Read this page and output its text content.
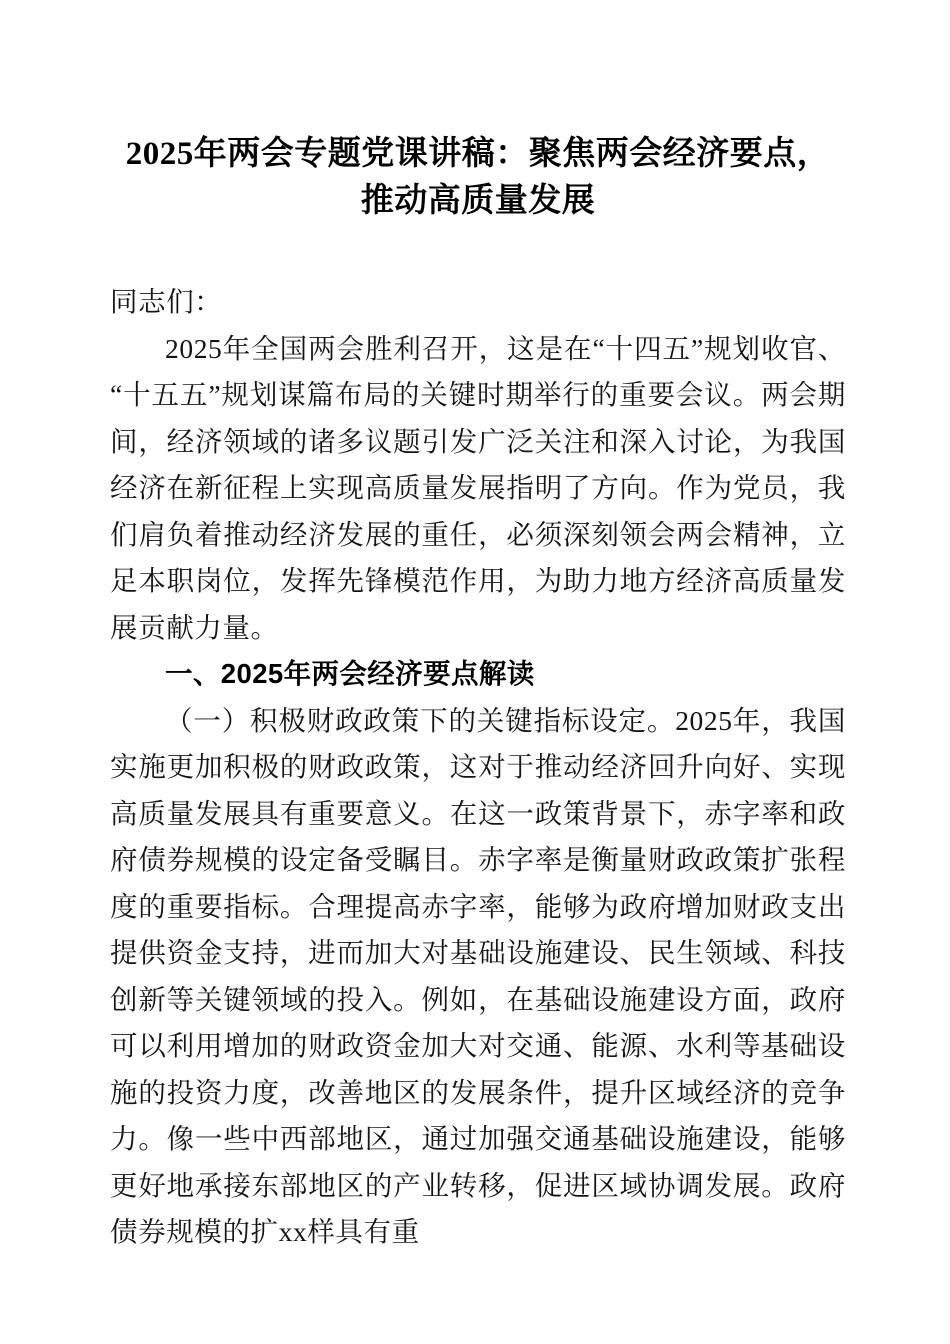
2025年两会专题党课讲稿：聚焦两会经济要点，推动高质量发展

同志们：

2025年全国两会胜利召开，这是在“十四五”规划收官、“十五五”规划谋篇布局的关键时期举行的重要会议。两会期间，经济领域的诸多议题引发广泛关注和深入讨论，为我国经济在新征程上实现高质量发展指明了方向。作为党员，我们肩负着推动经济发展的重任，必须深刻领会两会精神，立足本职岗位，发挥先锋模范作用，为助力地方经济高质量发展贡献力量。

一、2025年两会经济要点解读

（一）积极财政政策下的关键指标设定。2025年，我国实施更加积极的财政政策，这对于推动经济回升向好、实现高质量发展具有重要意义。在这一政策背景下，赤字率和政府债券规模的设定备受瞩目。赤字率是衡量财政政策扩张程度的重要指标。合理提高赤字率，能够为政府增加财政支出提供资金支持，进而加大对基础设施建设、民生领域、科技创新等关键领域的投入。例如，在基础设施建设方面，政府可以利用增加的财政资金加大对交通、能源、水利等基础设施的投资力度，改善地区的发展条件，提升区域经济的竞争力。像一些中西部地区，通过加强交通基础设施建设，能够更好地承接东部地区的产业转移，促进区域协调发展。政府债券规模的扩xx样具有重
